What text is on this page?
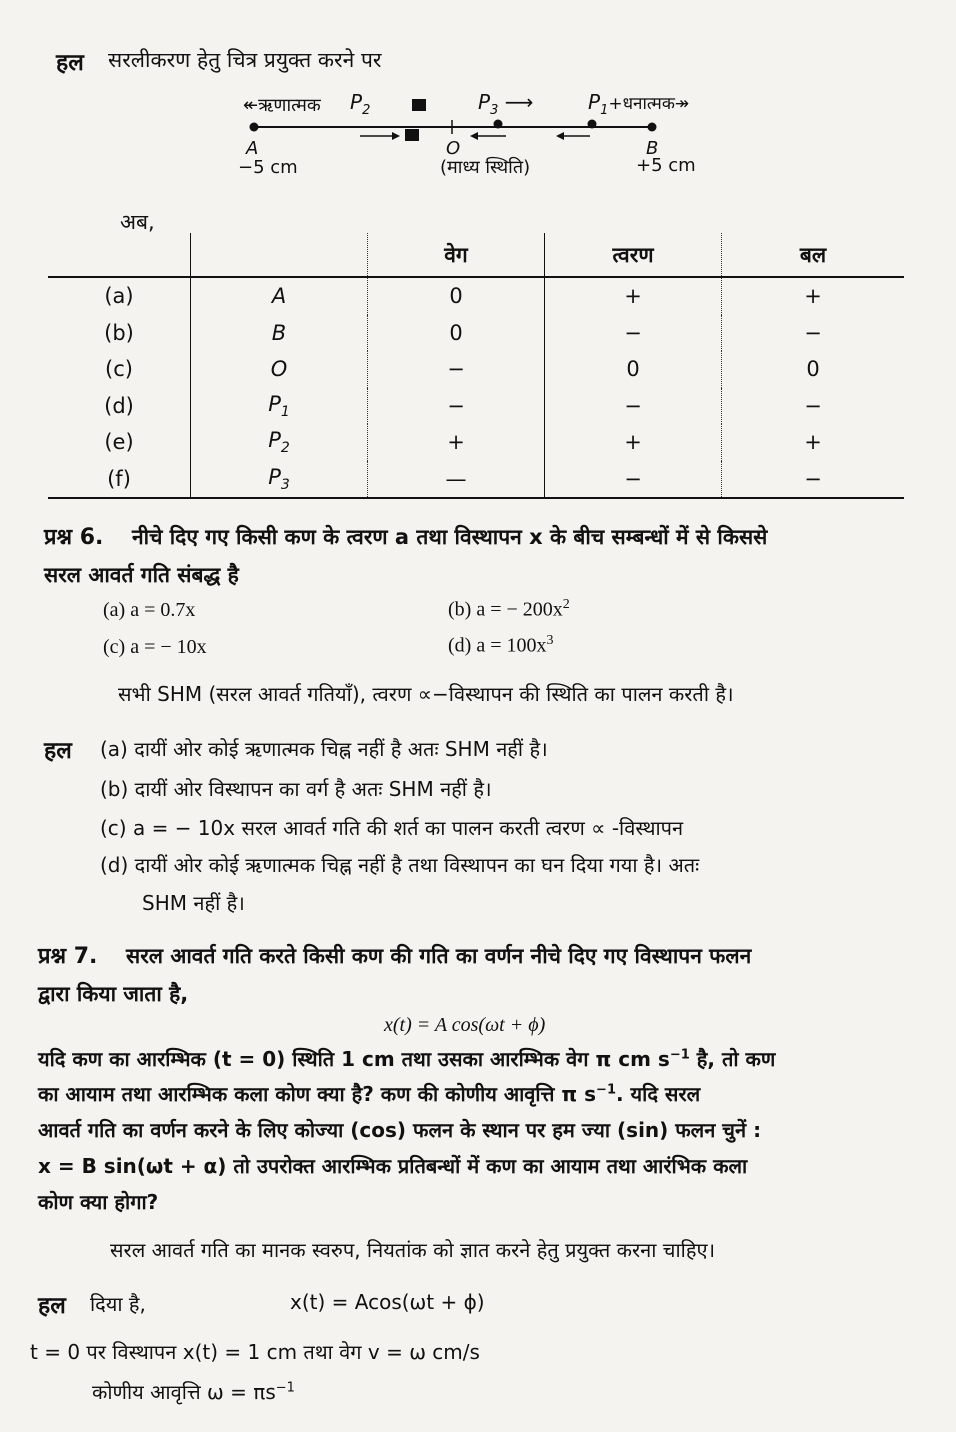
हल सरलीकरण हेतु चित्र प्रयुक्त करने पर
↞ऋणात्मक $P_2$	$P_3$ ⟶	$P_1+धनात्मक↠$
A
−5 cm
O
(माध्य स्थिति)
B
+5 cm
अब,
		वेग	त्वरण	बल
(a)	A	0	+	+
(b)	B	0	−	−
(c)	O	−	0	0
(d)	$P_1$	−	−	−
(e)	$P_2$	+	+	+
(f)	$P_3$	—	−	−
प्रश्न 6. नीचे दिए गए किसी कण के त्वरण a तथा विस्थापन x के बीच सम्बन्धों में से किससे
सरल आवर्त गति संबद्ध है
(a) a = 0.7x	(b) a = − $200x^2$
(c) a = − 10x	(d) $a = 100x^3$
सभी SHM (सरल आवर्त गतियाँ), त्वरण ∝−विस्थापन की स्थिति का पालन करती है।
हल (a) दायीं ओर कोई ऋणात्मक चिह्न नहीं है अतः SHM नहीं है।
(b) दायीं ओर विस्थापन का वर्ग है अतः SHM नहीं है।
(c) a = − 10x सरल आवर्त गति की शर्त का पालन करती त्वरण ∝ -विस्थापन
(d) दायीं ओर कोई ऋणात्मक चिह्न नहीं है तथा विस्थापन का घन दिया गया है। अतः
SHM नहीं है।
प्रश्न 7. सरल आवर्त गति करते किसी कण की गति का वर्णन नीचे दिए गए विस्थापन फलन
द्वारा किया जाता है,
x(t) = A cos(ωt + ϕ)
यदि कण का आरम्भिक (t = 0) स्थिति 1 cm तथा उसका आरम्भिक वेग π cm $s^{-1}$ है, तो कण
का आयाम तथा आरम्भिक कला कोण क्या है? कण की कोणीय आवृत्ति π $s^{-1}$. यदि सरल
आवर्त गति का वर्णन करने के लिए कोज्या (cos) फलन के स्थान पर हम ज्या (sin) फलन चुनें :
x = B sin(ωt + α) तो उपरोक्त आरम्भिक प्रतिबन्धों में कण का आयाम तथा आरंभिक कला
कोण क्या होगा?
सरल आवर्त गति का मानक स्वरुप, नियतांक को ज्ञात करने हेतु प्रयुक्त करना चाहिए।
हल दिया है,	x(t) = Acos(ωt + ϕ)
t = 0 पर विस्थापन x(t) = 1 cm तथा वेग v = ω cm/s
कोणीय आवृत्ति $\omega = \pi s^{-1}$
